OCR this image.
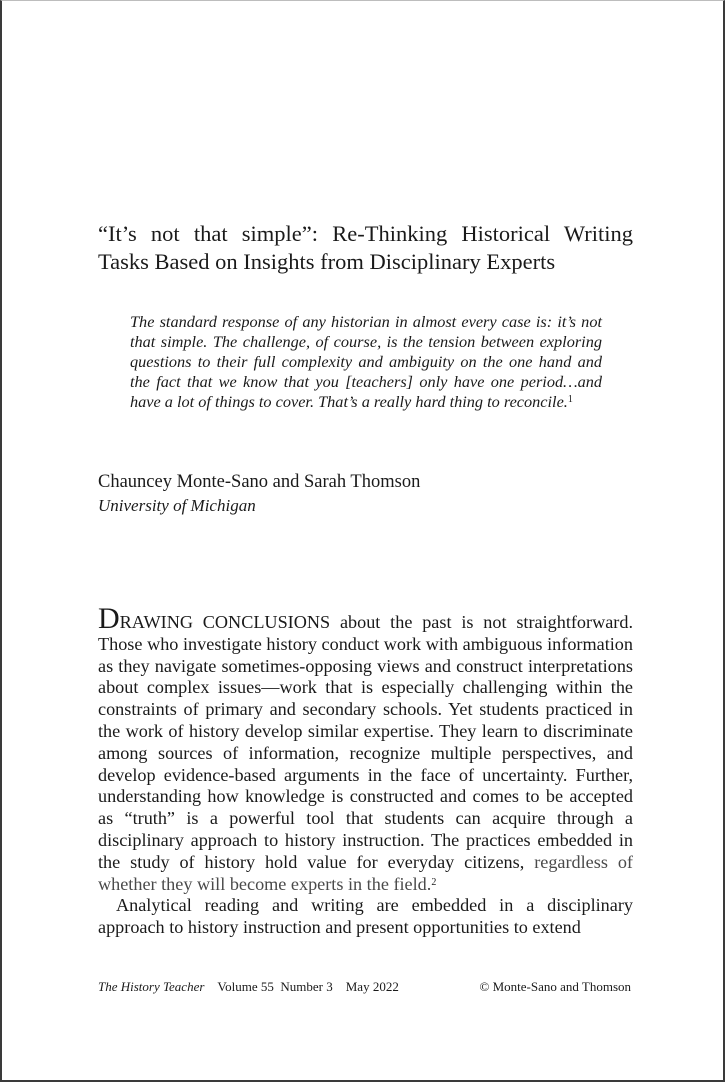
“It’s not that simple”: Re-Thinking Historical Writing Tasks Based on Insights from Disciplinary Experts

The standard response of any historian in almost every case is: it’s not that simple. The challenge, of course, is the tension between exploring questions to their full complexity and ambiguity on the one hand and the fact that we know that you [teachers] only have one period…and have a lot of things to cover. That’s a really hard thing to reconcile.$^1$

Chauncey Monte-Sano and Sarah Thomson

University of Michigan

DRAWING CONCLUSIONS about the past is not straightforward. Those who investigate history conduct work with ambiguous information as they navigate sometimes-opposing views and construct interpretations about complex issues—work that is especially challenging within the constraints of primary and secondary schools. Yet students practiced in the work of history develop similar expertise. They learn to discriminate among sources of information, recognize multiple perspectives, and develop evidence-based arguments in the face of uncertainty. Further, understanding how knowledge is constructed and comes to be accepted as “truth” is a powerful tool that students can acquire through a disciplinary approach to history instruction. The practices embedded in the study of history hold value for everyday citizens, regardless of whether they will become experts in the field.$^2$

Analytical reading and writing are embedded in a disciplinary approach to history instruction and present opportunities to extend

The History Teacher Volume 55 Number 3 May 2022	© Monte-Sano and Thomson
